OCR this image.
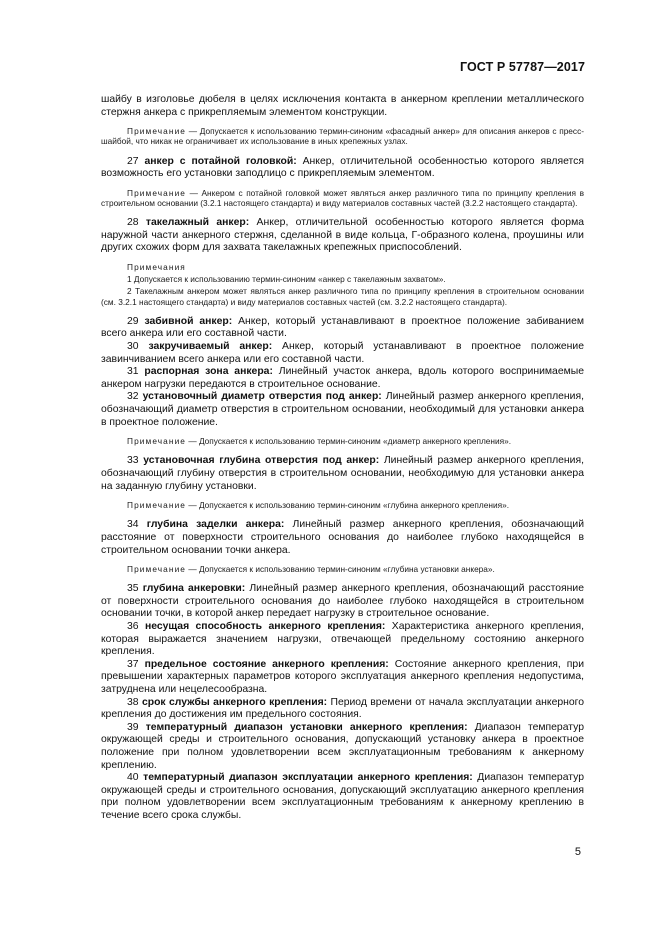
ГОСТ Р 57787—2017

шайбу в изголовье дюбеля в целях исключения контакта в анкерном креплении металлического стержня анкера с прикрепляемым элементом конструкции.

Примечание — Допускается к использованию термин-синоним «фасадный анкер» для описания анкеров с пресс-шайбой, что никак не ограничивает их использование в иных крепежных узлах.

27 анкер с потайной головкой: Анкер, отличительной особенностью которого является возможность его установки заподлицо с прикрепляемым элементом.

Примечание — Анкером с потайной головкой может являться анкер различного типа по принципу крепления в строительном основании (3.2.1 настоящего стандарта) и виду материалов составных частей (3.2.2 настоящего стандарта).

28 такелажный анкер: Анкер, отличительной особенностью которого является форма наружной части анкерного стержня, сделанной в виде кольца, Г-образного колена, проушины или других схожих форм для захвата такелажных крепежных приспособлений.

Примечания
1 Допускается к использованию термин-синоним «анкер с такелажным захватом».
2 Такелажным анкером может являться анкер различного типа по принципу крепления в строительном основании (см. 3.2.1 настоящего стандарта) и виду материалов составных частей (см. 3.2.2 настоящего стандарта).

29 забивной анкер: Анкер, который устанавливают в проектное положение забиванием всего анкера или его составной части.

30 закручиваемый анкер: Анкер, который устанавливают в проектное положение завинчиванием всего анкера или его составной части.

31 распорная зона анкера: Линейный участок анкера, вдоль которого воспринимаемые анкером нагрузки передаются в строительное основание.

32 установочный диаметр отверстия под анкер: Линейный размер анкерного крепления, обозначающий диаметр отверстия в строительном основании, необходимый для установки анкера в проектное положение.

Примечание — Допускается к использованию термин-синоним «диаметр анкерного крепления».

33 установочная глубина отверстия под анкер: Линейный размер анкерного крепления, обозначающий глубину отверстия в строительном основании, необходимую для установки анкера на заданную глубину установки.

Примечание — Допускается к использованию термин-синоним «глубина анкерного крепления».

34 глубина заделки анкера: Линейный размер анкерного крепления, обозначающий расстояние от поверхности строительного основания до наиболее глубоко находящейся в строительном основании точки анкера.

Примечание — Допускается к использованию термин-синоним «глубина установки анкера».

35 глубина анкеровки: Линейный размер анкерного крепления, обозначающий расстояние от поверхности строительного основания до наиболее глубоко находящейся в строительном основании точки, в которой анкер передает нагрузку в строительное основание.

36 несущая способность анкерного крепления: Характеристика анкерного крепления, которая выражается значением нагрузки, отвечающей предельному состоянию анкерного крепления.

37 предельное состояние анкерного крепления: Состояние анкерного крепления, при превышении характерных параметров которого эксплуатация анкерного крепления недопустима, затруднена или нецелесообразна.

38 срок службы анкерного крепления: Период времени от начала эксплуатации анкерного крепления до достижения им предельного состояния.

39 температурный диапазон установки анкерного крепления: Диапазон температур окружающей среды и строительного основания, допускающий установку анкера в проектное положение при полном удовлетворении всем эксплуатационным требованиям к анкерному креплению.

40 температурный диапазон эксплуатации анкерного крепления: Диапазон температур окружающей среды и строительного основания, допускающий эксплуатацию анкерного крепления при полном удовлетворении всем эксплуатационным требованиям к анкерному креплению в течение всего срока службы.

5
